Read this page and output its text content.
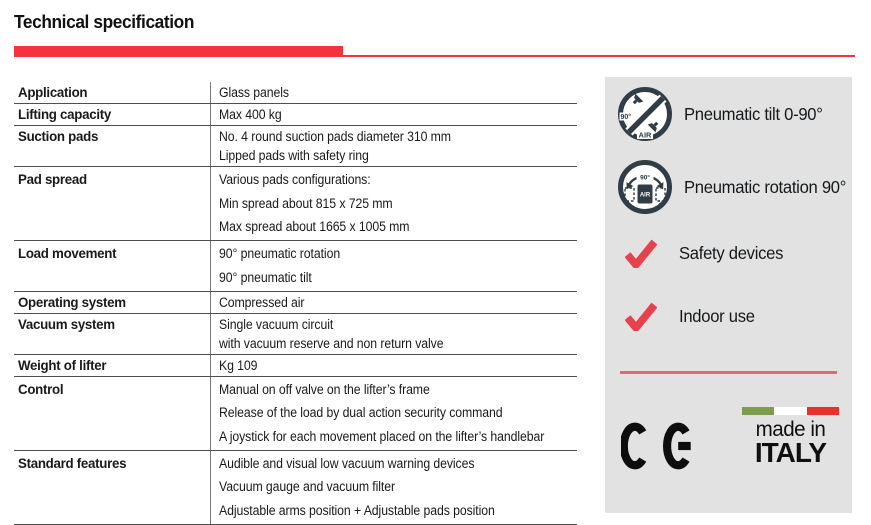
Technical specification
Application	Glass panels
Lifting capacity	Max 400 kg
Suction pads	No. 4 round suction pads diameter 310 mm
Lipped pads with safety ring
Pad spread	Various pads configurations:
Min spread about 815 x 725 mm
Max spread about 1665 x 1005 mm
Load movement	90° pneumatic rotation
90° pneumatic tilt
Operating system	Compressed air
Vacuum system	Single vacuum circuit
with vacuum reserve and non return valve
Weight of lifter	Kg 109
Control	Manual on off valve on the lifter’s frame
Release of the load by dual action security command
A joystick for each movement placed on the lifter’s handlebar
Standard features	Audible and visual low vacuum warning devices
Vacuum gauge and vacuum filter
Adjustable arms position + Adjustable pads position
90°
AIR
Pneumatic tilt 0-90°
90°
AIR Pneumatic rotation 90°
Safety devices
Indoor use
made in
ITALY
